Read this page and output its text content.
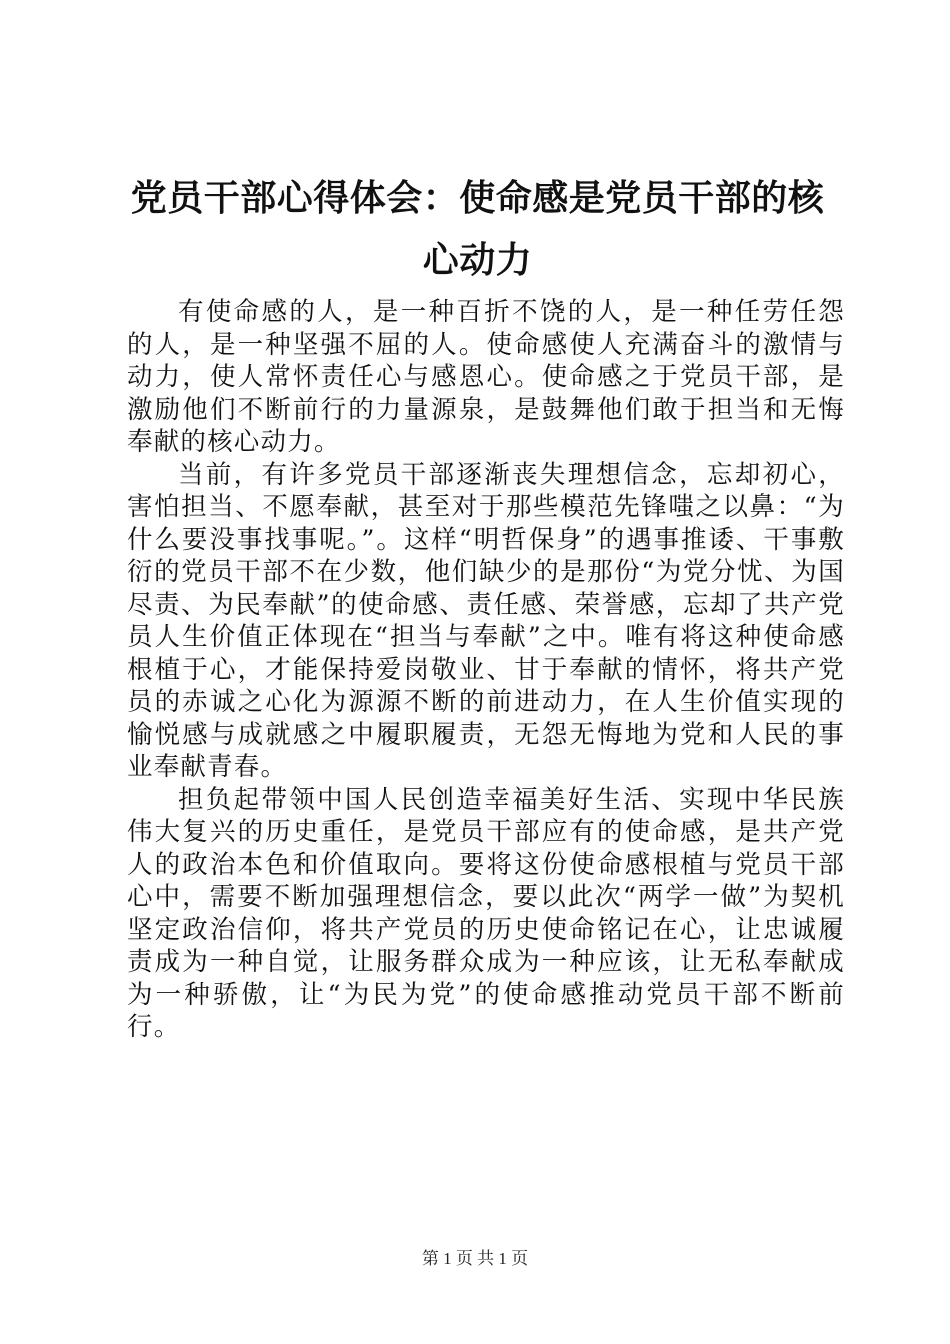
党员干部心得体会：使命感是党员干部的核心动力

有使命感的人，是一种百折不饶的人，是一种任劳任怨的人，是一种坚强不屈的人。使命感使人充满奋斗的激情与动力，使人常怀责任心与感恩心。使命感之于党员干部，是激励他们不断前行的力量源泉，是鼓舞他们敢于担当和无悔奉献的核心动力。

当前，有许多党员干部逐渐丧失理想信念，忘却初心，害怕担当、不愿奉献，甚至对于那些模范先锋嗤之以鼻：“为什么要没事找事呢。”。这样“明哲保身”的遇事推诿、干事敷衍的党员干部不在少数，他们缺少的是那份“为党分忧、为国尽责、为民奉献”的使命感、责任感、荣誉感，忘却了共产党员人生价值正体现在“担当与奉献”之中。唯有将这种使命感根植于心，才能保持爱岗敬业、甘于奉献的情怀，将共产党员的赤诚之心化为源源不断的前进动力，在人生价值实现的愉悦感与成就感之中履职履责，无怨无悔地为党和人民的事业奉献青春。

担负起带领中国人民创造幸福美好生活、实现中华民族伟大复兴的历史重任，是党员干部应有的使命感，是共产党人的政治本色和价值取向。要将这份使命感根植与党员干部心中，需要不断加强理想信念，要以此次“两学一做”为契机坚定政治信仰，将共产党员的历史使命铭记在心，让忠诚履责成为一种自觉，让服务群众成为一种应该，让无私奉献成为一种骄傲，让“为民为党”的使命感推动党员干部不断前行。

第 1 页 共 1 页
